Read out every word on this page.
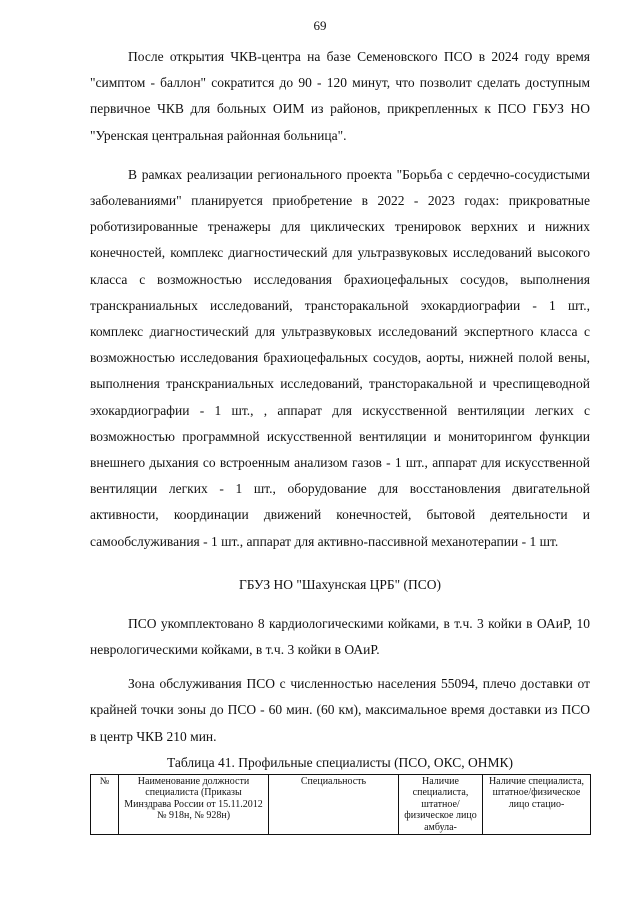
69

После открытия ЧКВ-центра на базе Семеновского ПСО в 2024 году время "симптом - баллон" сократится до 90 - 120 минут, что позволит сделать доступным первичное ЧКВ для больных ОИМ из районов, прикрепленных к ПСО ГБУЗ НО "Уренская центральная районная больница".

В рамках реализации регионального проекта "Борьба с сердечно-сосудистыми заболеваниями" планируется приобретение в 2022 - 2023 годах: прикроватные роботизированные тренажеры для циклических тренировок верхних и нижних конечностей, комплекс диагностический для ультразвуковых исследований высокого класса с возможностью исследования брахиоцефальных сосудов, выполнения транскраниальных исследований, трансторакальной эхокардиографии - 1 шт., комплекс диагностический для ультразвуковых исследований экспертного класса с возможностью исследования брахиоцефальных сосудов, аорты, нижней полой вены, выполнения транскраниальных исследований, трансторакальной и чреспищеводной эхокардиографии - 1 шт., , аппарат для искусственной вентиляции легких с возможностью программной искусственной вентиляции и мониторингом функции внешнего дыхания со встроенным анализом газов - 1 шт., аппарат для искусственной вентиляции легких - 1 шт., оборудование для восстановления двигательной активности, координации движений конечностей, бытовой деятельности и самообслуживания - 1 шт., аппарат для активно-пассивной механотерапии - 1 шт.

ГБУЗ НО "Шахунская ЦРБ" (ПСО)

ПСО укомплектовано 8 кардиологическими койками, в т.ч. 3 койки в ОАиР, 10 неврологическими койками, в т.ч. 3 койки в ОАиР.

Зона обслуживания ПСО с численностью населения 55094, плечо доставки от крайней точки зоны до ПСО - 60 мин. (60 км), максимальное время доставки из ПСО в центр ЧКВ 210 мин.

Таблица 41. Профильные специалисты (ПСО, ОКС, ОНМК)
№	Наименование должности специалиста (Приказы Минздрава России от 15.11.2012 № 918н, № 928н)	Специальность	Наличие специалиста, штатное/физическое лицо амбула-	Наличие специалиста, штатное/физическое лицо стацио-
